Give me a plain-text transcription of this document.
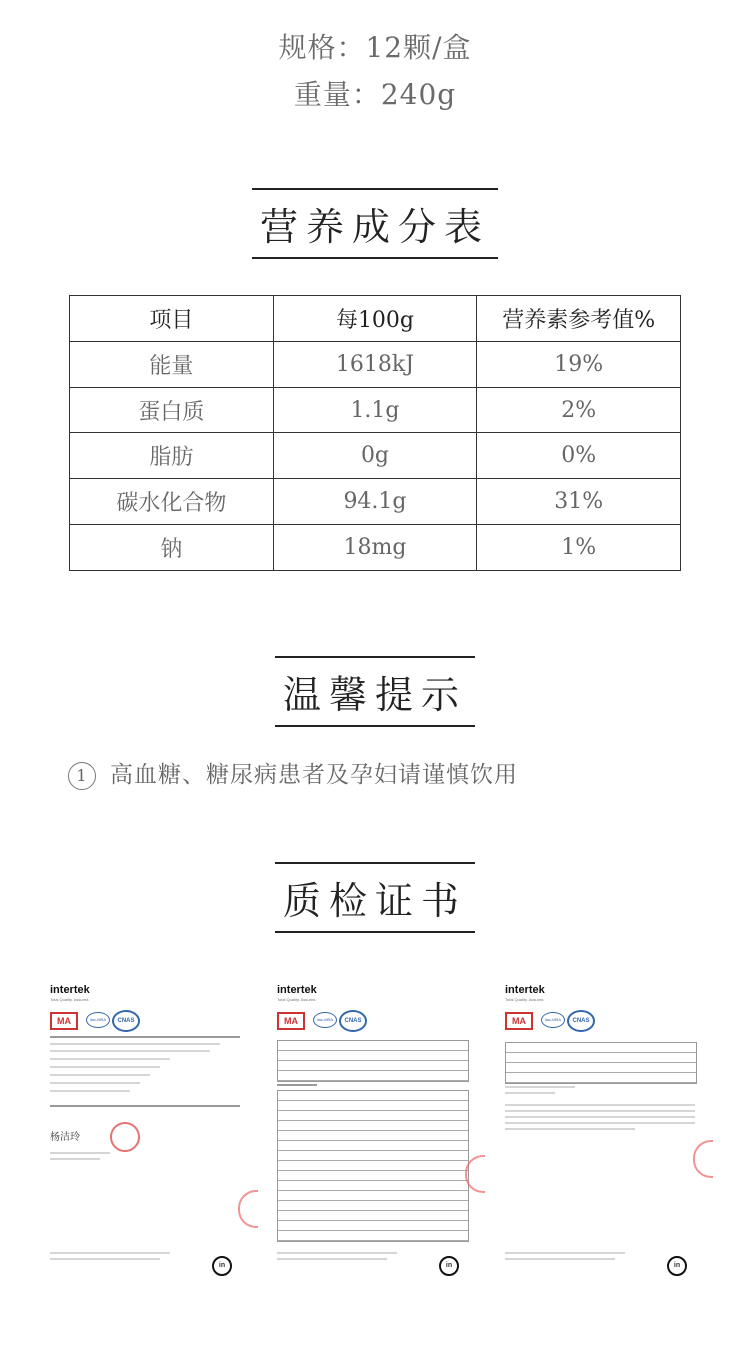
规格：12颗/盒
重量：240g
营养成分表
项目	每100g	营养素参考值%
能量	1618kJ	19%
蛋白质	1.1g	2%
脂肪	0g	0%
碳水化合物	94.1g	31%
钠	18mg	1%
温馨提示
1 高血糖、糖尿病患者及孕妇请谨慎饮用
质检证书
intertek
Total Quality. Assured.
MA	ilac-MRA	CNAS
杨洁玲
in
intertek
Total Quality. Assured.
MA	ilac-MRA	CNAS
in
intertek
Total Quality. Assured.
MA	ilac-MRA	CNAS
in
